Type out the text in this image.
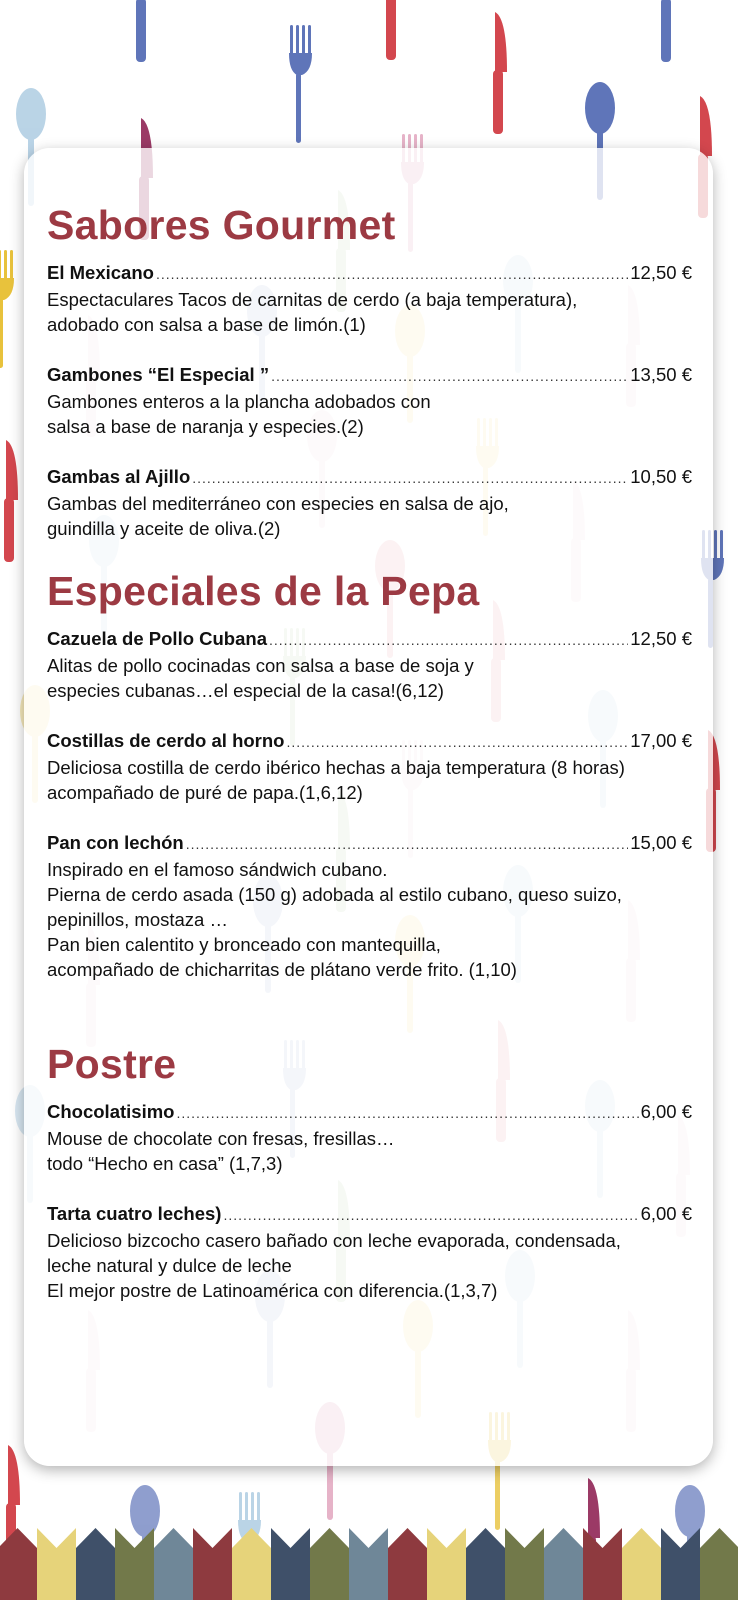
Sabores Gourmet
El Mexicano .....	12,50 €
Espectaculares Tacos de carnitas de cerdo (a baja temperatura),
adobado con salsa a base de limón.(1)
Gambones “El Especial ” .....	13,50 €
Gambones enteros a la plancha adobados con
salsa a base de naranja y especies.(2)
Gambas al Ajillo .....	10,50 €
Gambas del mediterráneo con especies en salsa de ajo,
guindilla y aceite de oliva.(2)
Especiales de la Pepa
Cazuela de Pollo Cubana .....	12,50 €
Alitas de pollo cocinadas con salsa a base de soja y
especies cubanas…el especial de la casa!(6,12)
Costillas de cerdo al horno .....	17,00 €
Deliciosa costilla de cerdo ibérico hechas a baja temperatura (8 horas)
acompañado de puré de papa.(1,6,12)
Pan con lechón .....	15,00 €
Inspirado en el famoso sándwich cubano.
Pierna de cerdo asada (150 g) adobada al estilo cubano, queso suizo,
pepinillos, mostaza …
Pan bien calentito y bronceado con mantequilla,
acompañado de chicharritas de plátano verde frito. (1,10)
Postre
Chocolatisimo .....	6,00 €
Mouse de chocolate con fresas, fresillas…
todo “Hecho en casa” (1,7,3)
Tarta cuatro leches) .....	6,00 €
Delicioso bizcocho casero bañado con leche evaporada, condensada,
leche natural y dulce de leche
El mejor postre de Latinoamérica con diferencia.(1,3,7)
